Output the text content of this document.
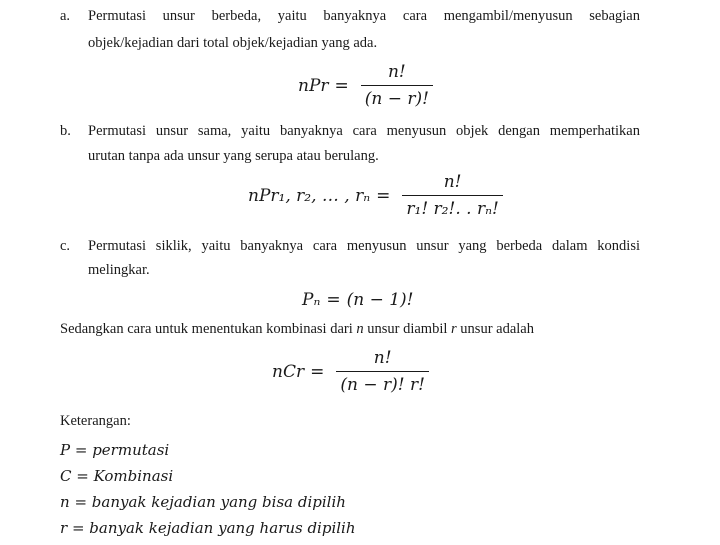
a. Permutasi unsur berbeda, yaitu banyaknya cara mengambil/menyusun sebagian
objek/kejadian dari total objek/kejadian yang ada.
nPr = $\frac{n!}{(n - r)!}$
b. Permutasi unsur sama, yaitu banyaknya cara menyusun objek dengan memperhatikan
urutan tanpa ada unsur yang serupa atau berulang.
nPr₁, r₂, … , $r_n = \frac{n!}{\text{r₁! r₂!. . rₙ!}}$
c. Permutasi siklik, yaitu banyaknya cara menyusun unsur yang berbeda dalam kondisi
melingkar.
Pₙ = (n − 1)!
Sedangkan cara untuk menentukan kombinasi dari n unsur diambil r unsur adalah
nCr = $\frac{n!}{(n - r)! r!}$
Keterangan:
P = permutasi
C = Kombinasi
n = banyak kejadian yang bisa dipilih
r = banyak kejadian yang harus dipilih
